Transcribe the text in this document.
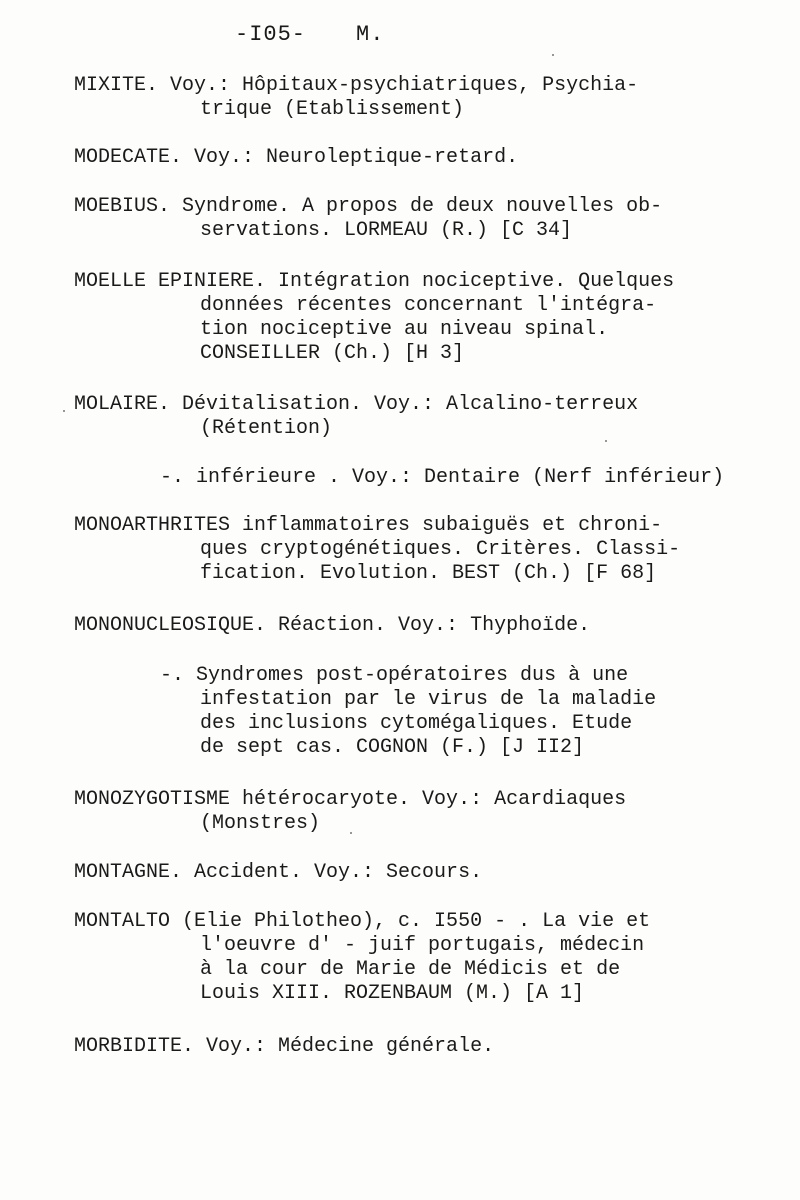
-I05- M.
MIXITE. Voy.: Hôpitaux-psychiatriques, Psychia-
trique (Etablissement)
MODECATE. Voy.: Neuroleptique-retard.
MOEBIUS. Syndrome. A propos de deux nouvelles ob-
servations. LORMEAU (R.) [C 34]
MOELLE EPINIERE. Intégration nociceptive. Quelques
données récentes concernant l'intégra-
tion nociceptive au niveau spinal.
CONSEILLER (Ch.) [H 3]
MOLAIRE. Dévitalisation. Voy.: Alcalino-terreux
(Rétention)
-. inférieure . Voy.: Dentaire (Nerf inférieur)
MONOARTHRITES inflammatoires subaiguës et chroni-
ques cryptogénétiques. Critères. Classi-
fication. Evolution. BEST (Ch.) [F 68]
MONONUCLEOSIQUE. Réaction. Voy.: Thyphoïde.
-. Syndromes post-opératoires dus à une
infestation par le virus de la maladie
des inclusions cytomégaliques. Etude
de sept cas. COGNON (F.) [J II2]
MONOZYGOTISME hétérocaryote. Voy.: Acardiaques
(Monstres)
MONTAGNE. Accident. Voy.: Secours.
MONTALTO (Elie Philotheo), c. I550 - . La vie et
l'oeuvre d' - juif portugais, médecin
à la cour de Marie de Médicis et de
Louis XIII. ROZENBAUM (M.) [A 1]
MORBIDITE. Voy.: Médecine générale.
